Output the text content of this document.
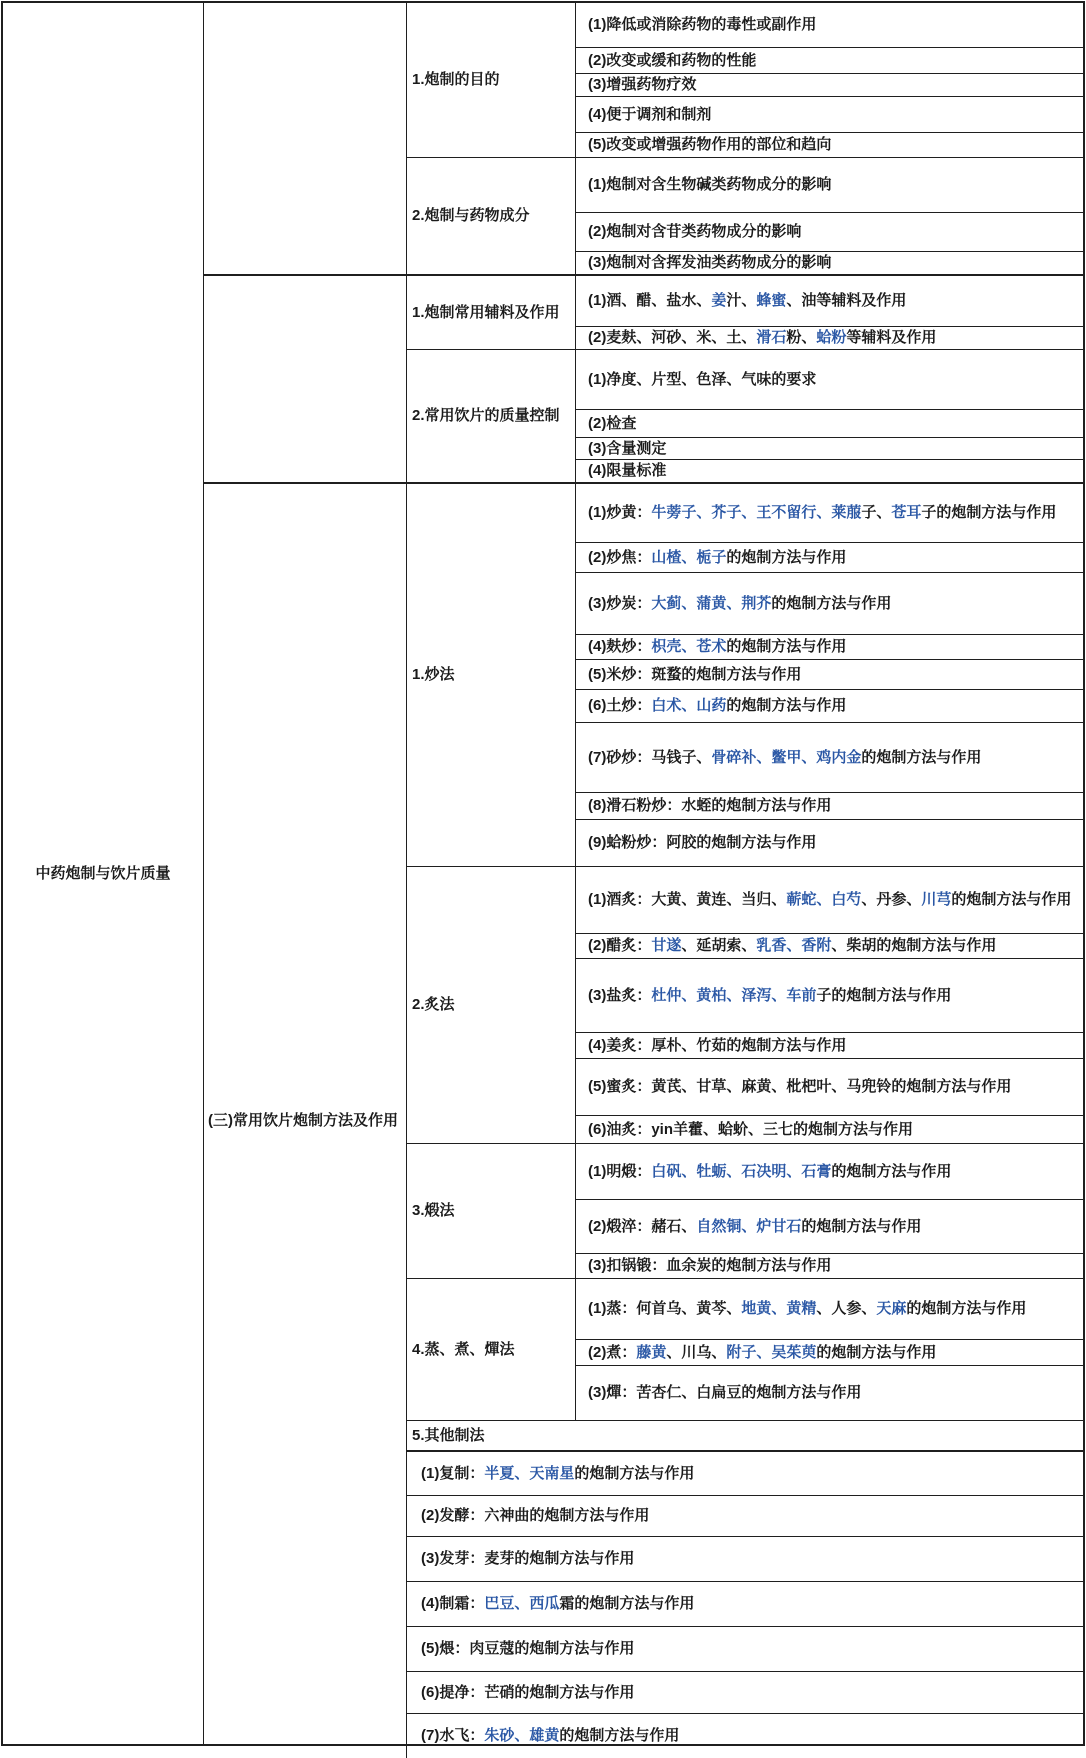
中药炮制与饮片质量
1.炮制的目的
(1)降低或消除药物的毒性或副作用
(2)改变或缓和药物的性能
(3)增强药物疗效
(4)便于调剂和制剂
(5)改变或增强药物作用的部位和趋向
2.炮制与药物成分
(1)炮制对含生物碱类药物成分的影响
(2)炮制对含苷类药物成分的影响
(3)炮制对含挥发油类药物成分的影响
1.炮制常用辅料及作用
(1)酒、醋、盐水、 姜 汁、 蜂蜜 、油等辅料及作用
(2)麦麸、河砂、米、土、 滑石 粉、 蛤粉 等辅料及作用
2.常用饮片的质量控制
(1)净度、片型、色泽、气味的要求
(2)检查
(3)含量测定
(4)限量标准
(三)常用饮片炮制方法及作用
1.炒法
(1)炒黄： 牛蒡子、芥子、王不留行、莱菔 子、 苍耳 子的炮制方法与作用
(2)炒焦： 山楂、栀子 的炮制方法与作用
(3)炒炭： 大蓟、蒲黄、荆芥 的炮制方法与作用
(4)麸炒： 枳壳、苍术 的炮制方法与作用
(5)米炒：斑蝥的炮制方法与作用
(6)土炒： 白术、山药 的炮制方法与作用
(7)砂炒：马钱子、 骨碎补、鳖甲、鸡内金 的炮制方法与作用
(8)滑石粉炒：水蛭的炮制方法与作用
(9)蛤粉炒：阿胶的炮制方法与作用
2.炙法
(1)酒炙：大黄、黄连、当归、 蕲蛇、白芍 、丹参、 川芎 的炮制方法与作用
(2)醋炙： 甘遂 、延胡索、 乳香、香附 、柴胡的炮制方法与作用
(3)盐炙： 杜仲、黄柏、泽泻、车前 子的炮制方法与作用
(4)姜炙：厚朴、竹茹的炮制方法与作用
(5)蜜炙：黄芪、甘草、麻黄、枇杷叶、马兜铃的炮制方法与作用
(6)油炙：yin羊藿、蛤蚧、三七的炮制方法与作用
3.煅法
(1)明煅： 白矾、牡蛎、石决明、石膏 的炮制方法与作用
(2)煅淬：赭石、 自然铜、炉甘石 的炮制方法与作用
(3)扣锅锻：血余炭的炮制方法与作用
4.蒸、煮、燀法
(1)蒸：何首乌、黄芩、 地黄、黄精 、人参、 天麻 的炮制方法与作用
(2)煮： 藤黄 、川乌、 附子、吴茱萸 的炮制方法与作用
(3)燀：苦杏仁、白扁豆的炮制方法与作用
5.其他制法
(1)复制： 半夏、天南星 的炮制方法与作用
(2)发酵：六神曲的炮制方法与作用
(3)发芽：麦芽的炮制方法与作用
(4)制霜： 巴豆、西瓜 霜的炮制方法与作用
(5)煨：肉豆蔻的炮制方法与作用
(6)提净：芒硝的炮制方法与作用
(7)水飞： 朱砂、雄黄 的炮制方法与作用
